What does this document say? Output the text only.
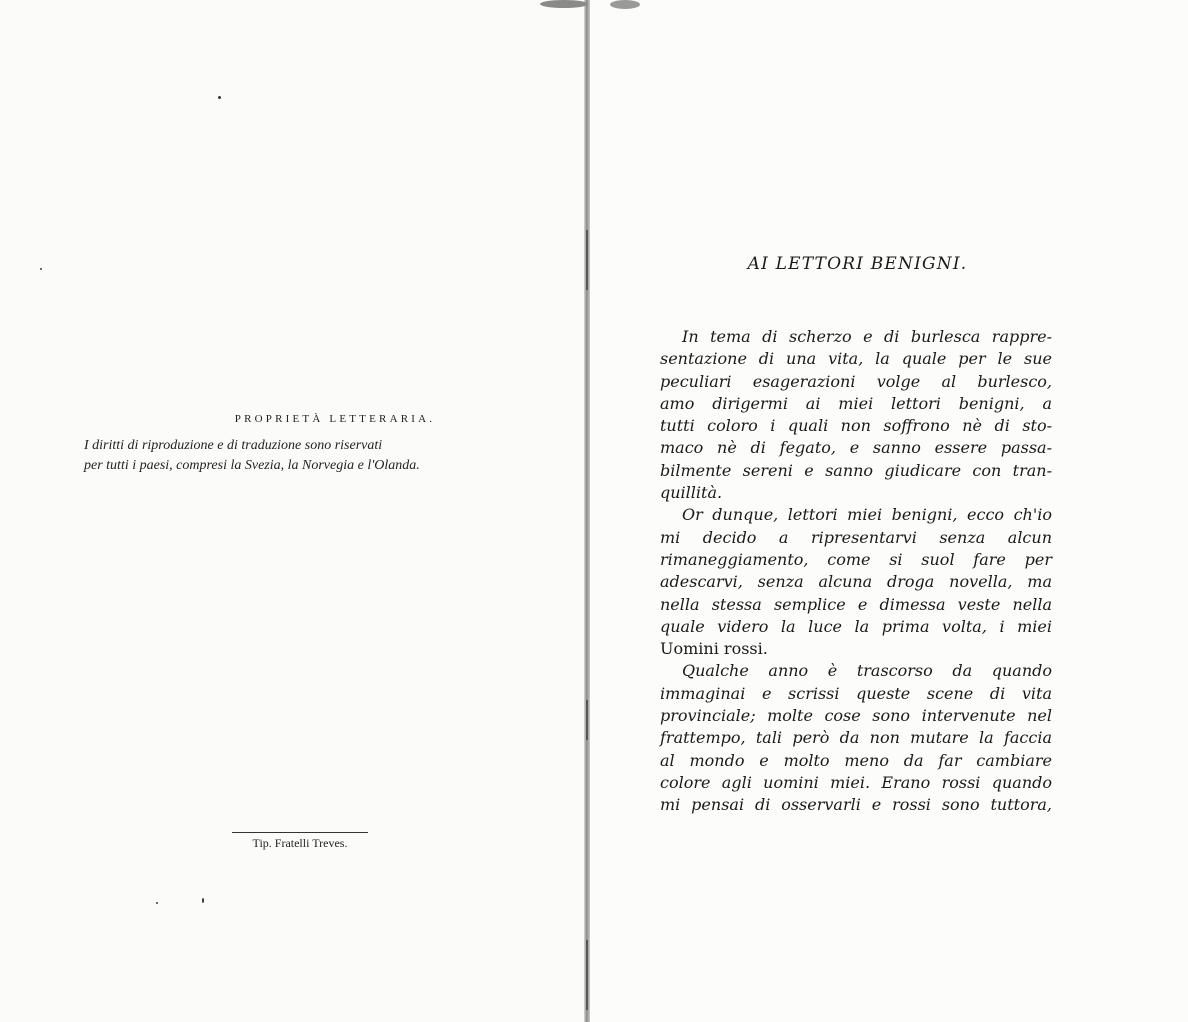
PROPRIETÀ LETTERARIA.
I diritti di riproduzione e di traduzione sono riservati
per tutti i paesi, compresi la Svezia, la Norvegia e l'Olanda.
Tip. Fratelli Treves.
AI LETTORI BENIGNI.
In tema di scherzo e di burlesca rappre-
sentazione di una vita, la quale per le sue
peculiari esagerazioni volge al burlesco,
amo dirigermi ai miei lettori benigni, a
tutti coloro i quali non soffrono nè di sto-
maco nè di fegato, e sanno essere passa-
bilmente sereni e sanno giudicare con tran-
quillità.
Or dunque, lettori miei benigni, ecco ch'io
mi decido a ripresentarvi senza alcun
rimaneggiamento, come si suol fare per
adescarvi, senza alcuna droga novella, ma
nella stessa semplice e dimessa veste nella
quale videro la luce la prima volta, i miei
Uomini rossi.
Qualche anno è trascorso da quando
immaginai e scrissi queste scene di vita
provinciale; molte cose sono intervenute nel
frattempo, tali però da non mutare la faccia
al mondo e molto meno da far cambiare
colore agli uomini miei. Erano rossi quando
mi pensai di osservarli e rossi sono tuttora,
